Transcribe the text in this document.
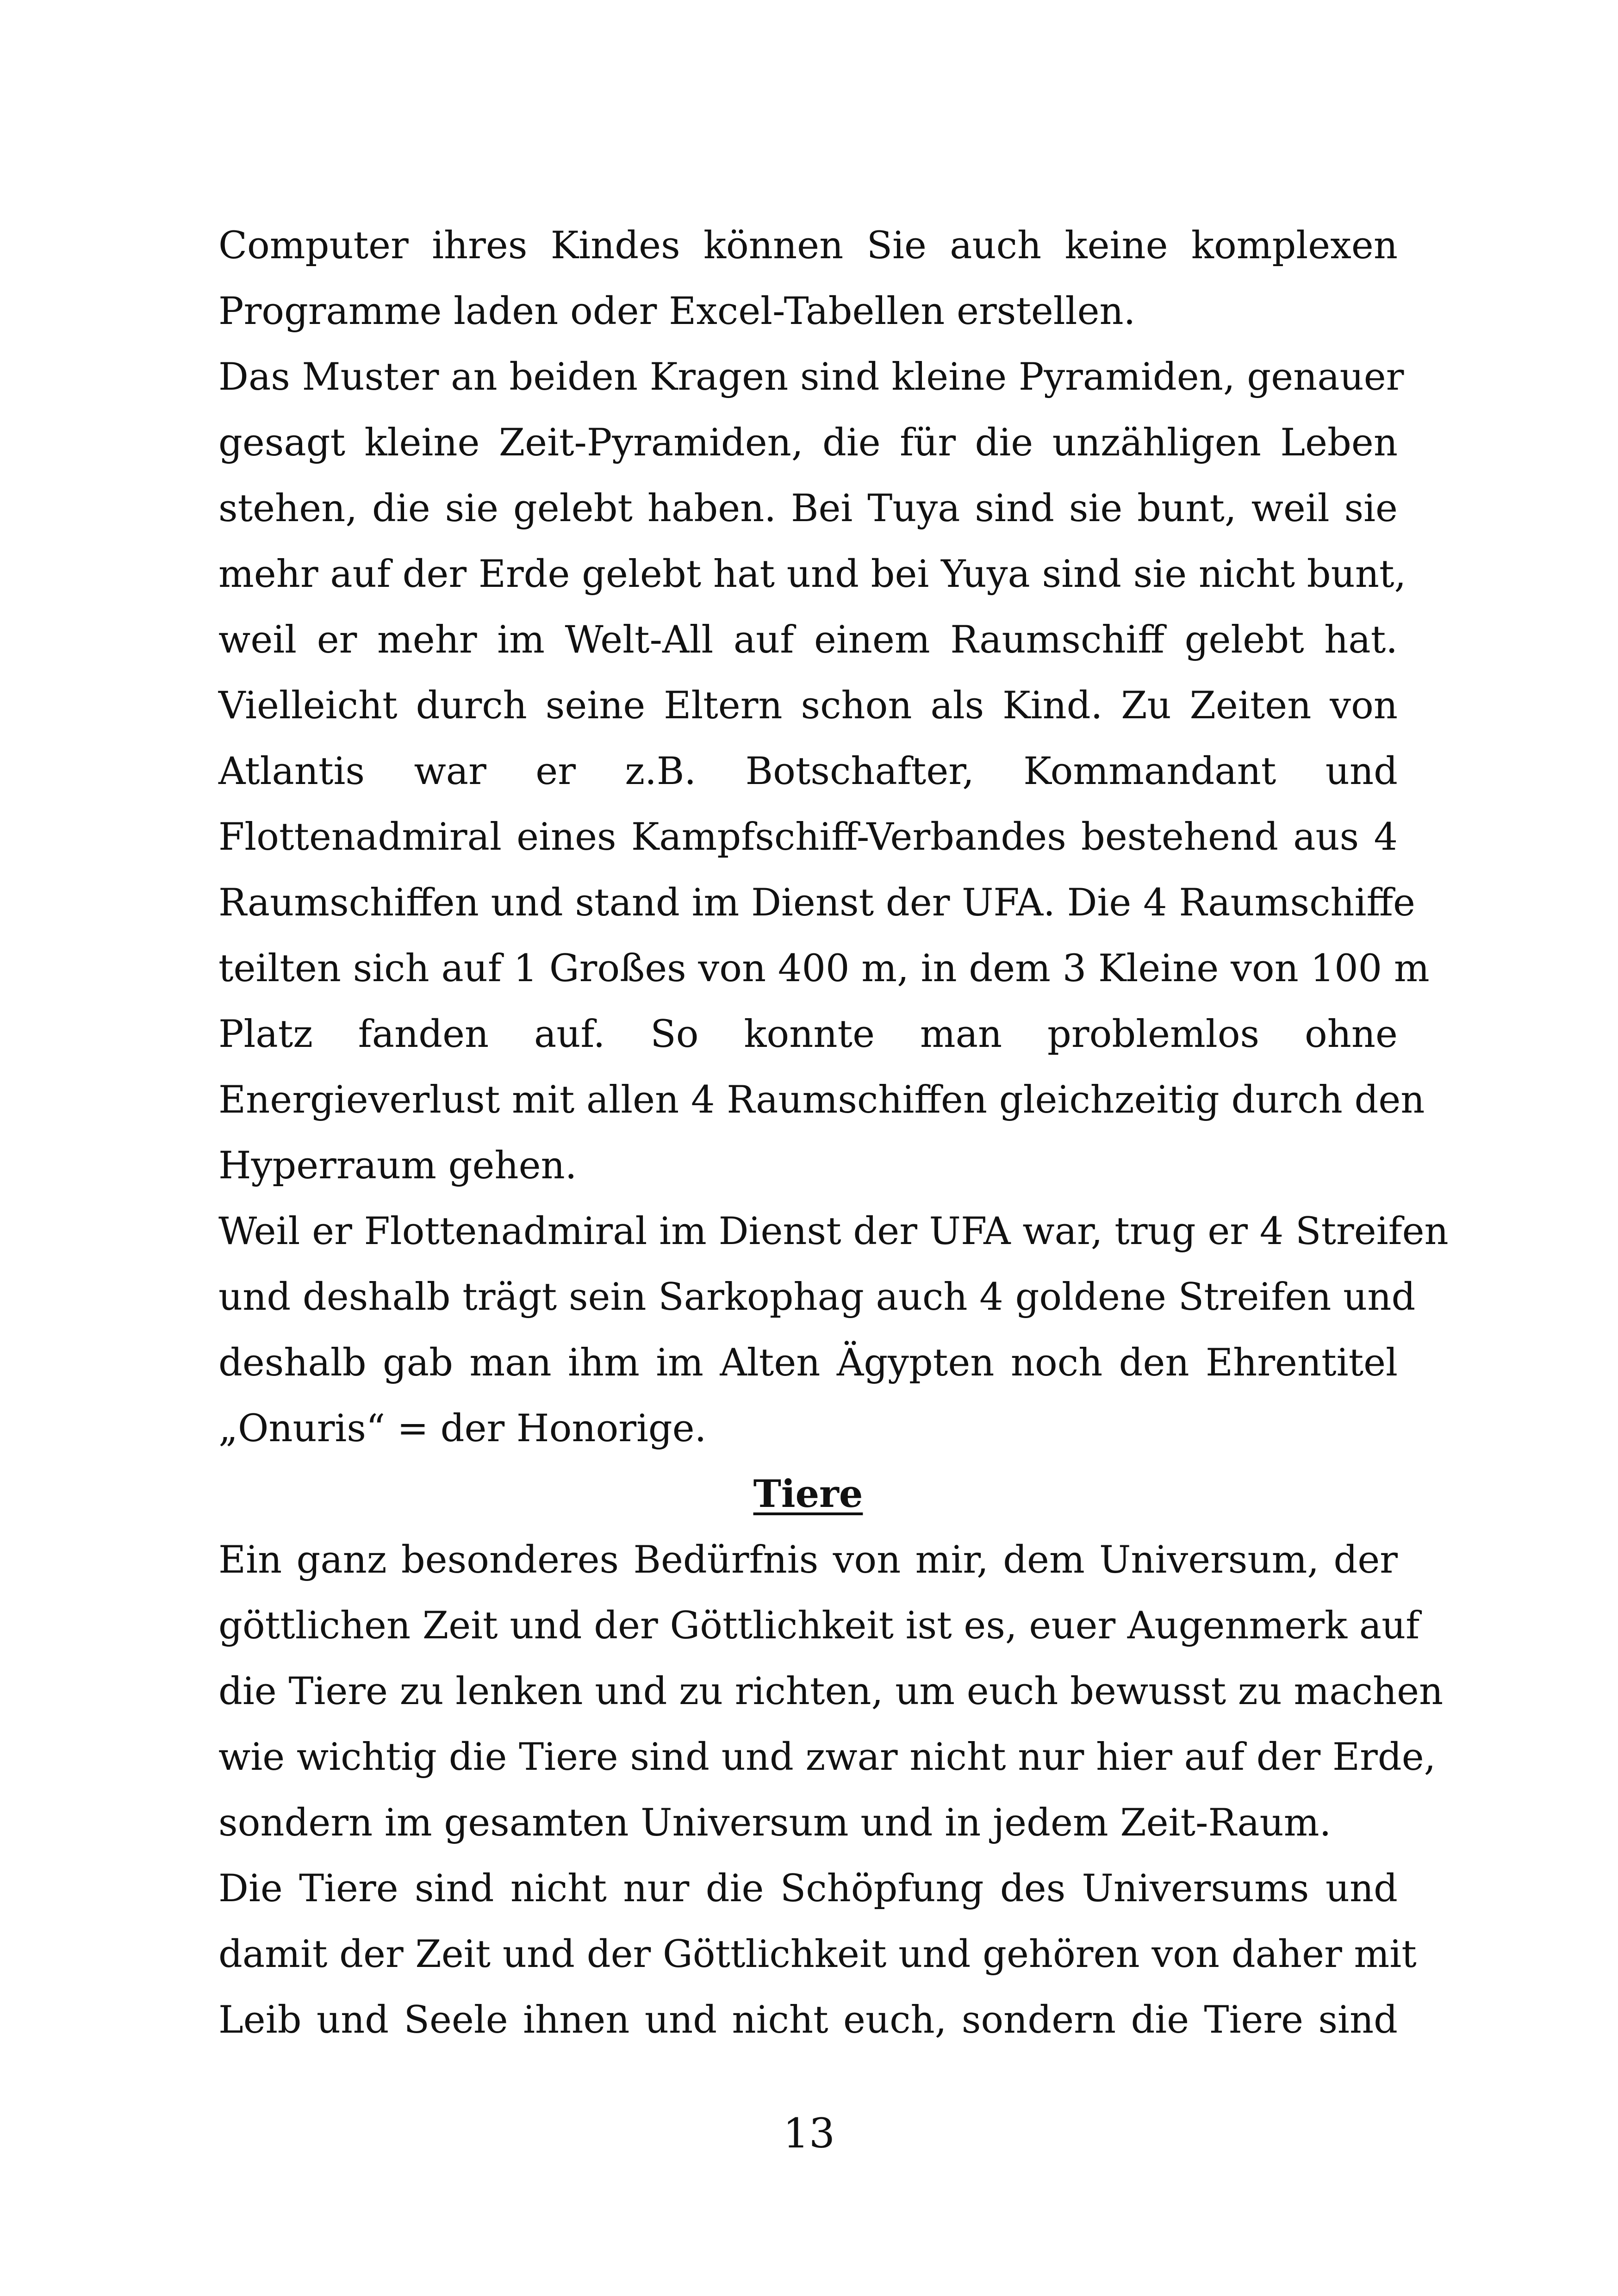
Computer ihres Kindes können Sie auch keine komplexen
Programme laden oder Excel-Tabellen erstellen.
Das Muster an beiden Kragen sind kleine Pyramiden, genauer
gesagt kleine Zeit-Pyramiden, die für die unzähligen Leben
stehen, die sie gelebt haben. Bei Tuya sind sie bunt, weil sie
mehr auf der Erde gelebt hat und bei Yuya sind sie nicht bunt,
weil er mehr im Welt-All auf einem Raumschiff gelebt hat.
Vielleicht durch seine Eltern schon als Kind. Zu Zeiten von
Atlantis war er z.B. Botschafter, Kommandant und
Flottenadmiral eines Kampfschiff-Verbandes bestehend aus 4
Raumschiffen und stand im Dienst der UFA. Die 4 Raumschiffe
teilten sich auf 1 Großes von 400 m, in dem 3 Kleine von 100 m
Platz fanden auf. So konnte man problemlos ohne
Energieverlust mit allen 4 Raumschiffen gleichzeitig durch den
Hyperraum gehen.
Weil er Flottenadmiral im Dienst der UFA war, trug er 4 Streifen
und deshalb trägt sein Sarkophag auch 4 goldene Streifen und
deshalb gab man ihm im Alten Ägypten noch den Ehrentitel
„Onuris“ = der Honorige.
Tiere
Ein ganz besonderes Bedürfnis von mir, dem Universum, der
göttlichen Zeit und der Göttlichkeit ist es, euer Augenmerk auf
die Tiere zu lenken und zu richten, um euch bewusst zu machen
wie wichtig die Tiere sind und zwar nicht nur hier auf der Erde,
sondern im gesamten Universum und in jedem Zeit-Raum.
Die Tiere sind nicht nur die Schöpfung des Universums und
damit der Zeit und der Göttlichkeit und gehören von daher mit
Leib und Seele ihnen und nicht euch, sondern die Tiere sind
13
